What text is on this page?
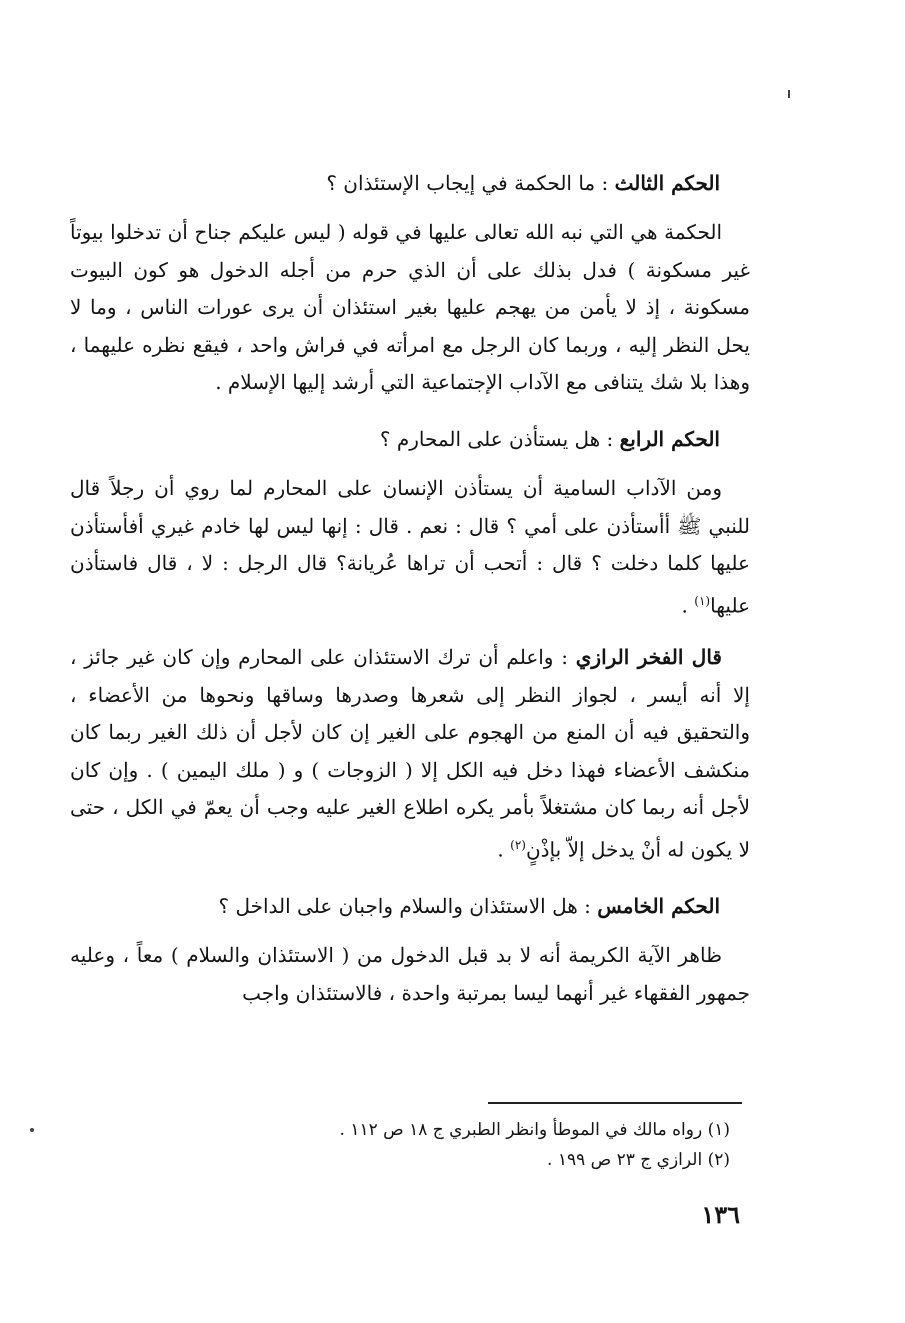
الحكم الثالث : ما الحكمة في إيجاب الإستئذان ؟

الحكمة هي التي نبه الله تعالى عليها في قوله ( ليس عليكم جناح أن تدخلوا بيوتاً غير مسكونة ) فدل بذلك على أن الذي حرم من أجله الدخول هو كون البيوت مسكونة ، إذ لا يأمن من يهجم عليها بغير استئذان أن يرى عورات الناس ، وما لا يحل النظر إليه ، وربما كان الرجل مع امرأته في فراش واحد ، فيقع نظره عليهما ، وهذا بلا شك يتنافى مع الآداب الإجتماعية التي أرشد إليها الإسلام .

الحكم الرابع : هل يستأذن على المحارم ؟

ومن الآداب السامية أن يستأذن الإنسان على المحارم لما روي أن رجلاً قال للنبي ﷺ أأستأذن على أمي ؟ قال : نعم . قال : إنها ليس لها خادم غيري أفأستأذن عليها كلما دخلت ؟ قال : أتحب أن تراها عُريانة؟ قال الرجل : لا ، قال فاستأذن عليها$^{(١)}$ .

قال الفخر الرازي : واعلم أن ترك الاستئذان على المحارم وإن كان غير جائز ، إلا أنه أيسر ، لجواز النظر إلى شعرها وصدرها وساقها ونحوها من الأعضاء ، والتحقيق فيه أن المنع من الهجوم على الغير إن كان لأجل أن ذلك الغير ربما كان منكشف الأعضاء فهذا دخل فيه الكل إلا ( الزوجات ) و ( ملك اليمين ) . وإن كان لأجل أنه ربما كان مشتغلاً بأمر يكره اطلاع الغير عليه وجب أن يعمّ في الكل ، حتى لا يكون له أنْ يدخل إلاّ بإذْنٍ$^{(٢)}$ .

الحكم الخامس : هل الاستئذان والسلام واجبان على الداخل ؟

ظاهر الآية الكريمة أنه لا بد قبل الدخول من ( الاستئذان والسلام ) معاً ، وعليه جمهور الفقهاء غير أنهما ليسا بمرتبة واحدة ، فالاستئذان واجب

(١) رواه مالك في الموطأ وانظر الطبري ج ١٨ ص ١١٢ .
(٢) الرازي ج ٢٣ ص ١٩٩ .
١٣٦
